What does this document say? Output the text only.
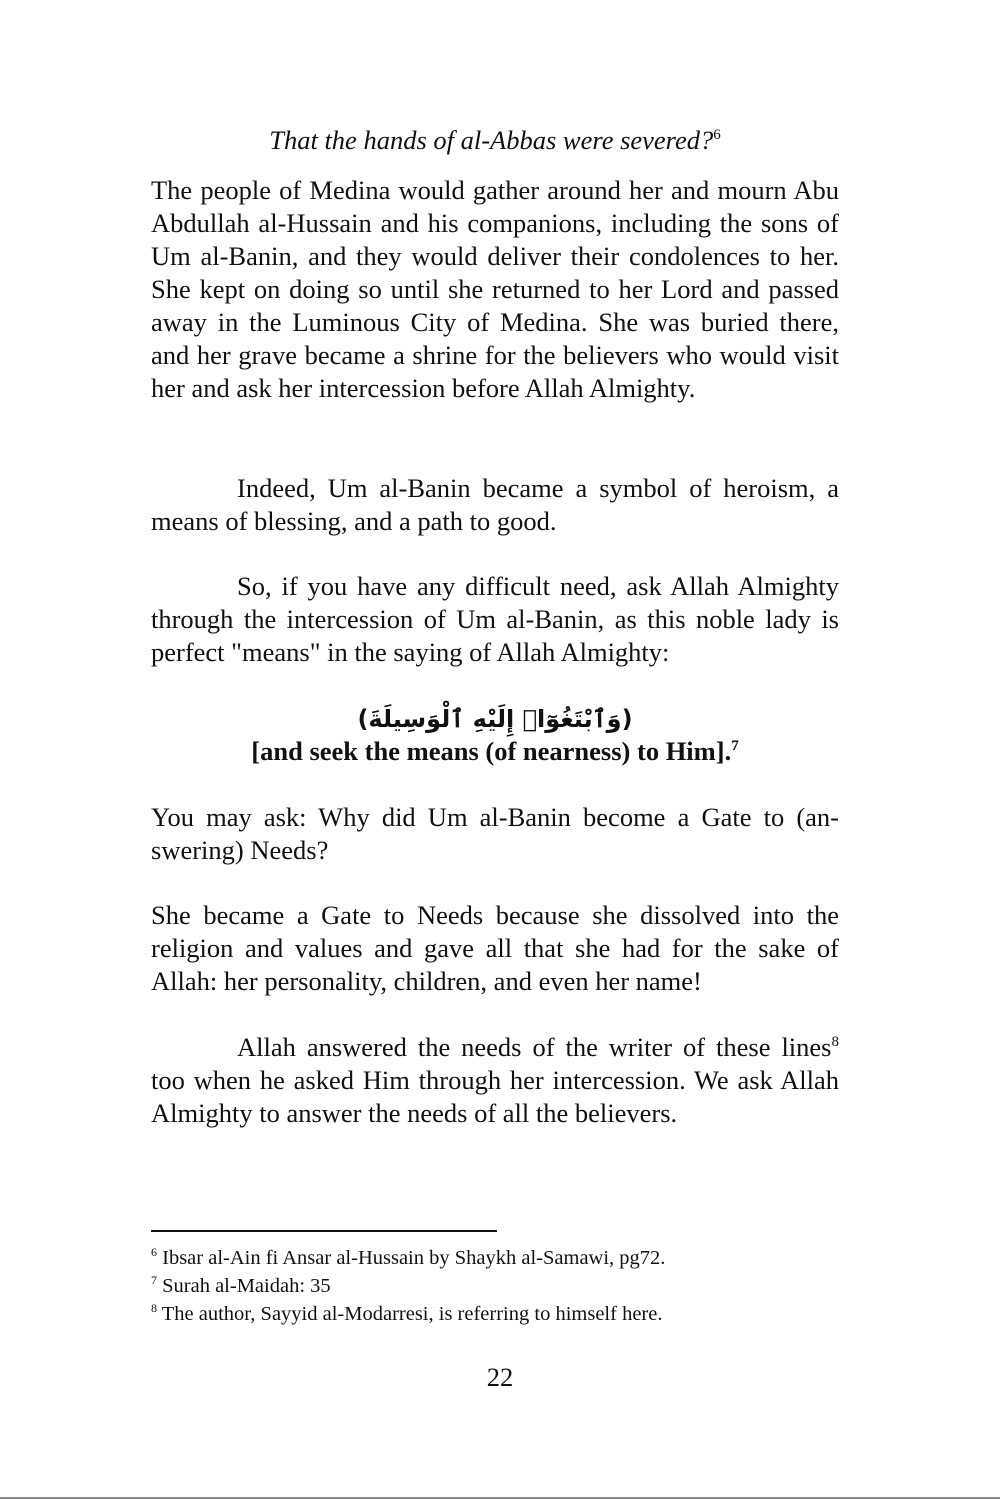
That the hands of al-Abbas were severed?$^6$
The people of Medina would gather around her and mourn Abu Abdullah al-Hussain and his companions, including the sons of Um al-Banin, and they would deliver their condolences to her. She kept on doing so until she returned to her Lord and passed away in the Luminous City of Medina. She was buried there, and her grave became a shrine for the believers who would visit her and ask her intercession before Allah Almighty.
Indeed, Um al-Banin became a symbol of heroism, a means of blessing, and a path to good.
So, if you have any difficult need, ask Allah Almighty through the intercession of Um al-Banin, as this noble lady is perfect "means" in the saying of Allah Almighty:
(وَٱبْتَغُوٓا۟ إِلَيْهِ ٱلْوَسِيلَةَ)
[and seek the means (of nearness) to Him].$^7$
You may ask: Why did Um al-Banin become a Gate to (answering) Needs?
She became a Gate to Needs because she dissolved into the religion and values and gave all that she had for the sake of Allah: her personality, children, and even her name!
Allah answered the needs of the writer of these lines$^8$ too when he asked Him through her intercession. We ask Allah Almighty to answer the needs of all the believers.
$^6$ Ibsar al-Ain fi Ansar al-Hussain by Shaykh al-Samawi, pg72.
$^7$ Surah al-Maidah: 35
$^8$ The author, Sayyid al-Modarresi, is referring to himself here.
22
